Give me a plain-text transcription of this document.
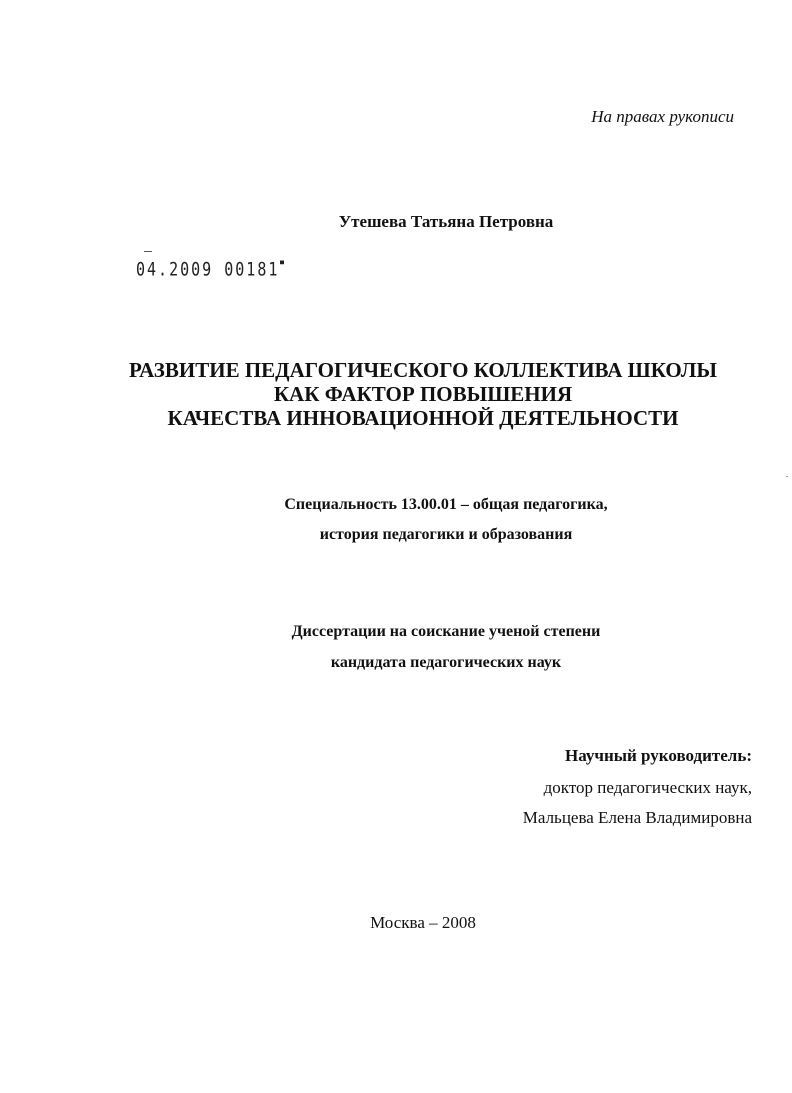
На правах рукописи
Утешева Татьяна Петровна
04.2009 00181
РАЗВИТИЕ ПЕДАГОГИЧЕСКОГО КОЛЛЕКТИВА ШКОЛЫ
КАК ФАКТОР ПОВЫШЕНИЯ
КАЧЕСТВА ИННОВАЦИОННОЙ ДЕЯТЕЛЬНОСТИ
Специальность 13.00.01 – общая педагогика,
история педагогики и образования
Диссертации на соискание ученой степени
кандидата педагогических наук
Научный руководитель:
доктор педагогических наук,
Мальцева Елена Владимировна
Москва – 2008
